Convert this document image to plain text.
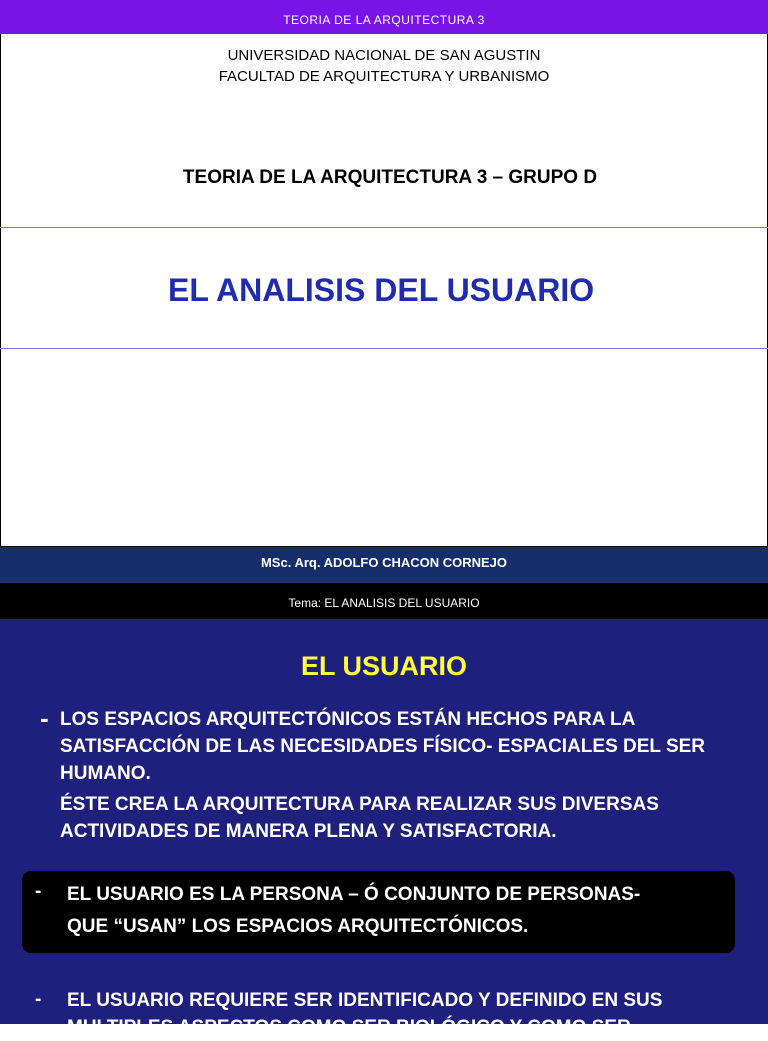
TEORIA DE LA ARQUITECTURA 3
UNIVERSIDAD NACIONAL DE SAN AGUSTIN
FACULTAD DE ARQUITECTURA Y URBANISMO
TEORIA DE LA ARQUITECTURA 3 – GRUPO D
EL ANALISIS DEL USUARIO
MSc. Arq. ADOLFO CHACON CORNEJO
Tema: EL ANALISIS DEL USUARIO
EL USUARIO
- LOS ESPACIOS ARQUITECTÓNICOS ESTÁN HECHOS PARA LA SATISFACCIÓN DE LAS NECESIDADES FÍSICO- ESPACIALES DEL SER HUMANO.
ÉSTE CREA LA ARQUITECTURA PARA REALIZAR SUS DIVERSAS ACTIVIDADES DE MANERA PLENA Y SATISFACTORIA.
- EL USUARIO ES LA PERSONA – Ó CONJUNTO DE PERSONAS-
QUE “USAN” LOS ESPACIOS ARQUITECTÓNICOS.
- EL USUARIO REQUIERE SER IDENTIFICADO Y DEFINIDO EN SUS
MULTIPLES ASPECTOS COMO SER BIOLÓGICO Y COMO SER
